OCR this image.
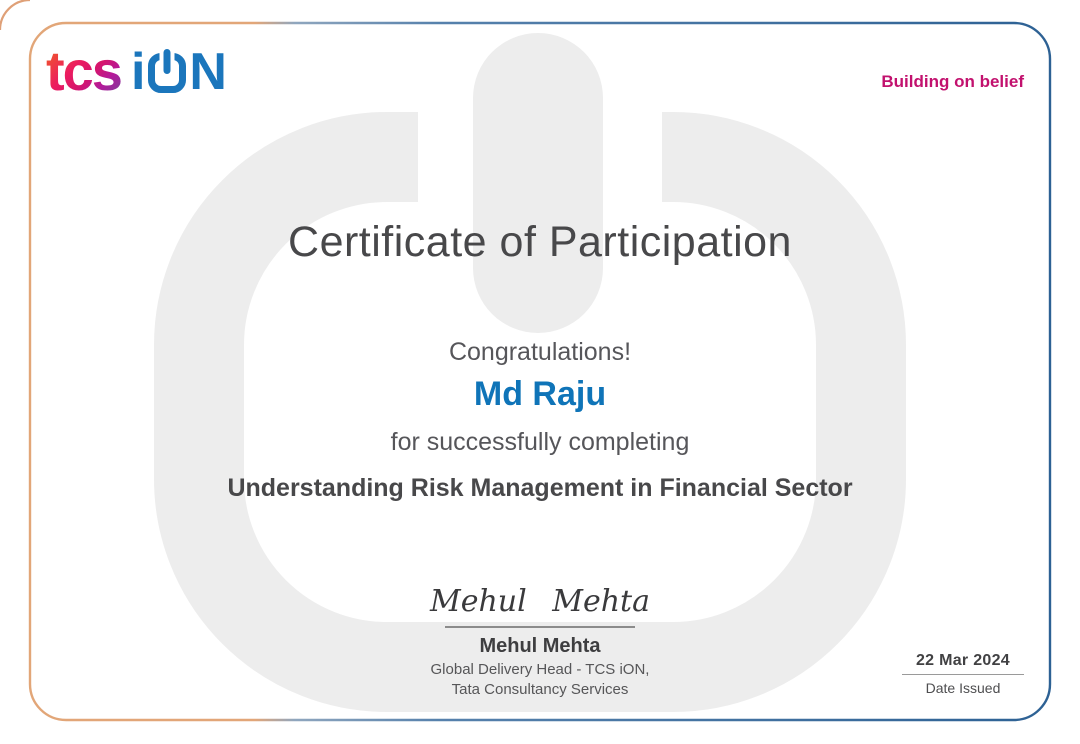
tcs i N	Building on belief
Certificate of Participation
Congratulations!
Md Raju
for successfully completing
Understanding Risk Management in Financial Sector
Mehul Mehta
Mehul Mehta
Global Delivery Head - TCS iON,
Tata Consultancy Services
22 Mar 2024
Date Issued
